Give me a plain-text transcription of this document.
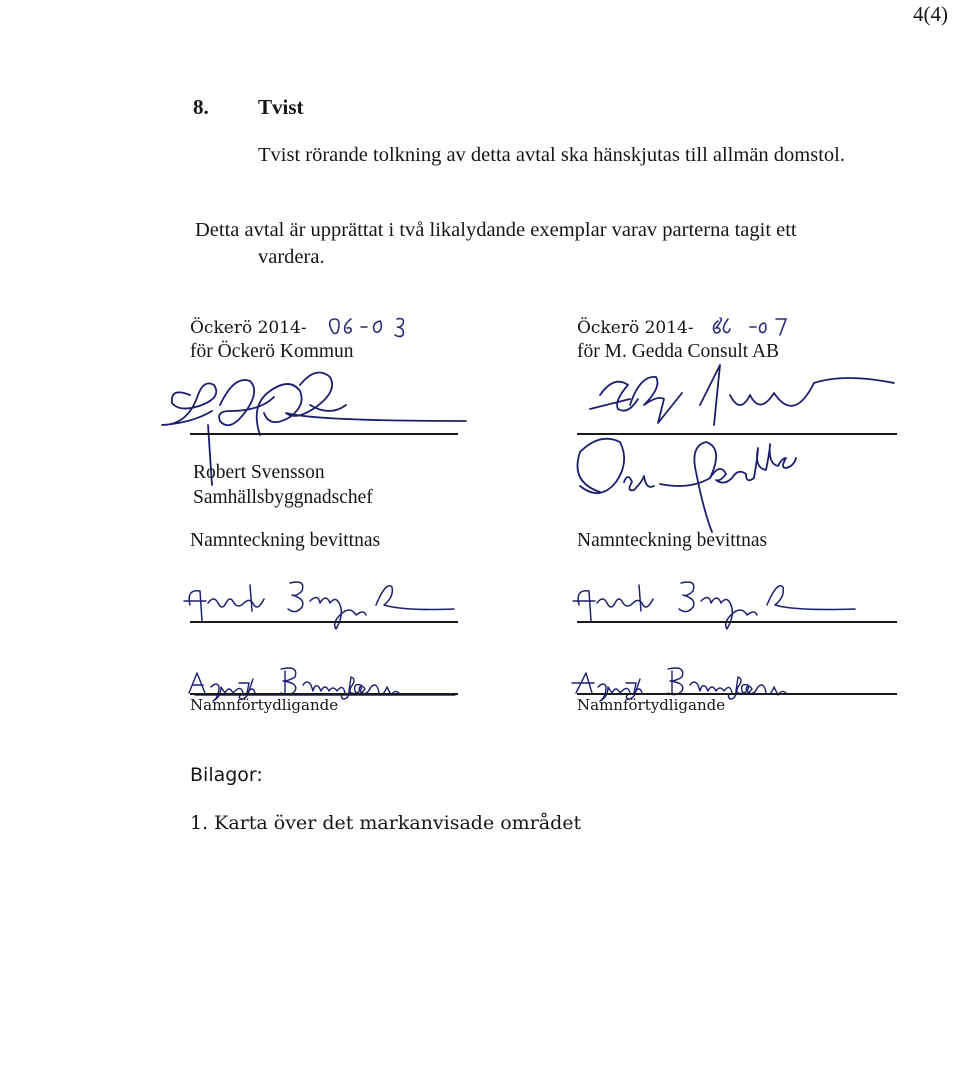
4(4)
8. Tvist
Tvist rörande tolkning av detta avtal ska hänskjutas till allmän domstol.
Detta avtal är upprättat i två likalydande exemplar varav parterna tagit ett
vardera.
Öckerö 2014-
för Öckerö Kommun
Robert Svensson
Samhällsbyggnadschef
Namnteckning bevittnas
Namnförtydligande
Öckerö 2014-
för M. Gedda Consult AB
Namnteckning bevittnas
Namnförtydligande
Bilagor:
1. Karta över det markanvisade området
